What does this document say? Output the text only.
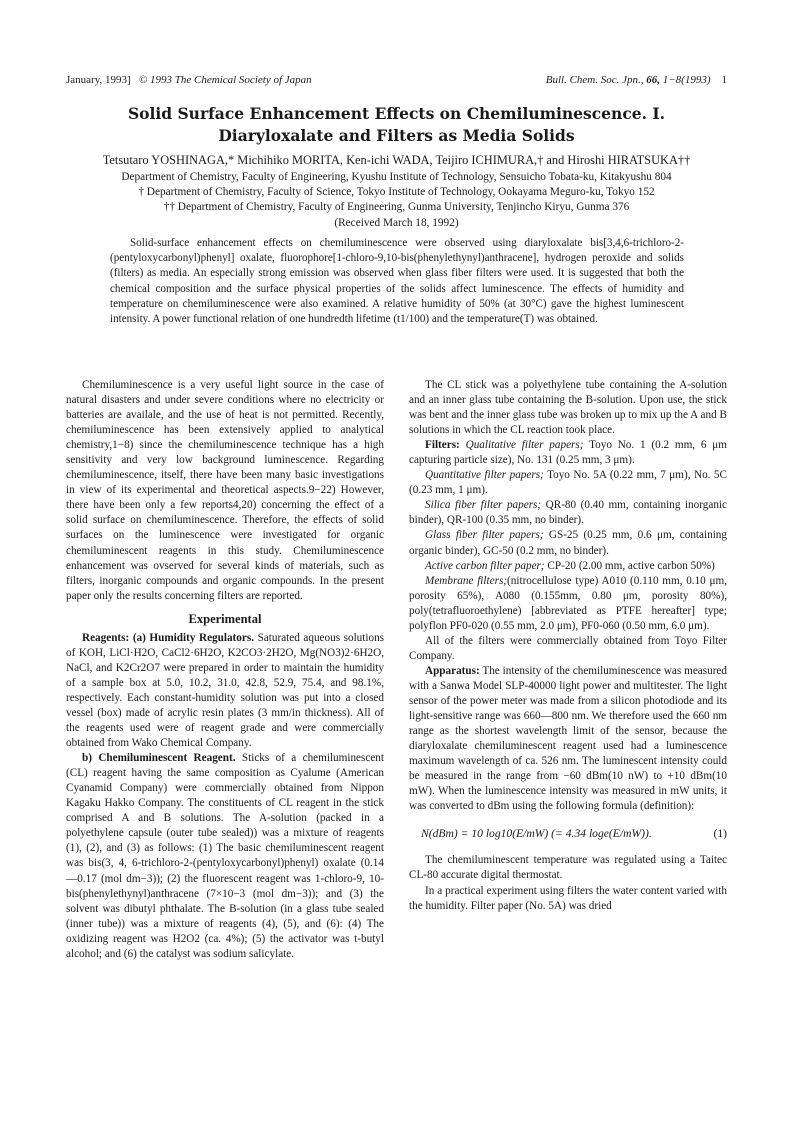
January, 1993] © 1993 The Chemical Society of Japan	Bull. Chem. Soc. Jpn., 66, 1−8(1993) 1
Solid Surface Enhancement Effects on Chemiluminescence. I.
Diaryloxalate and Filters as Media Solids
Tetsutaro YOSHINAGA,* Michihiko MORITA, Ken-ichi WADA, Teijiro ICHIMURA,† and Hiroshi HIRATSUKA††
Department of Chemistry, Faculty of Engineering, Kyushu Institute of Technology, Sensuicho Tobata-ku, Kitakyushu 804
† Department of Chemistry, Faculty of Science, Tokyo Institute of Technology, Ookayama Meguro-ku, Tokyo 152
†† Department of Chemistry, Faculty of Engineering, Gunma University, Tenjincho Kiryu, Gunma 376
(Received March 18, 1992)

Solid-surface enhancement effects on chemiluminescence were observed using diaryloxalate bis[3,4,6-trichloro-2-(pentyloxycarbonyl)phenyl] oxalate, fluorophore[1-chloro-9,10-bis(phenylethynyl)anthracene], hydrogen peroxide and solids (filters) as media. An especially strong emission was observed when glass fiber filters were used. It is suggested that both the chemical composition and the surface physical properties of the solids affect luminescence. The effects of humidity and temperature on chemiluminescence were also examined. A relative humidity of 50% (at 30°C) gave the highest luminescent intensity. A power functional relation of one hundredth lifetime (t1/100) and the temperature(T) was obtained.

Chemiluminescence is a very useful light source in the case of natural disasters and under severe conditions where no electricity or batteries are availale, and the use of heat is not permitted. Recently, chemiluminescence has been extensively applied to analytical chemistry,1−8) since the chemiluminescence technique has a high sensitivity and very low background luminescence. Regarding chemiluminescence, itself, there have been many basic investigations in view of its experimental and theoretical aspects.9−22) However, there have been only a few reports4,20) concerning the effect of a solid surface on chemiluminescence. Therefore, the effects of solid surfaces on the luminescence were investigated for organic chemiluminescent reagents in this study. Chemiluminescence enhancement was ovserved for several kinds of materials, such as filters, inorganic compounds and organic compounds. In the present paper only the results concerning filters are reported.

Experimental

Reagents: (a) Humidity Regulators. Saturated aqueous solutions of KOH, LiCl·H2O, CaCl2·6H2O, K2CO3·2H2O, Mg(NO3)2·6H2O, NaCl, and K2Cr2O7 were prepared in order to maintain the humidity of a sample box at 5.0, 10.2, 31.0, 42.8, 52.9, 75.4, and 98.1%, respectively. Each constant-humidity solution was put into a closed vessel (box) made of acrylic resin plates (3 mm/in thickness). All of the reagents used were of reagent grade and were commercially obtained from Wako Chemical Company.

b) Chemiluminescent Reagent. Sticks of a chemiluminescent (CL) reagent having the same composition as Cyalume (American Cyanamid Company) were commercially obtained from Nippon Kagaku Hakko Company. The constituents of CL reagent in the stick comprised A and B solutions. The A-solution (packed in a polyethylene capsule (outer tube sealed)) was a mixture of reagents (1), (2), and (3) as follows: (1) The basic chemiluminescent reagent was bis(3, 4, 6-trichloro-2-(pentyloxycarbonyl)phenyl) oxalate (0.14—0.17 (mol dm−3)); (2) the fluorescent reagent was 1-chloro-9, 10-bis(phenylethynyl)anthracene (7×10−3 (mol dm−3)); and (3) the solvent was dibutyl phthalate. The B-solution (in a glass tube sealed (inner tube)) was a mixture of reagents (4), (5), and (6): (4) The oxidizing reagent was H2O2 (ca. 4%); (5) the activator was t-butyl alcohol; and (6) the catalyst was sodium salicylate.

The CL stick was a polyethylene tube containing the A-solution and an inner glass tube containing the B-solution. Upon use, the stick was bent and the inner glass tube was broken up to mix up the A and B solutions in which the CL reaction took place.

Filters: Qualitative filter papers; Toyo No. 1 (0.2 mm, 6 μm capturing particle size), No. 131 (0.25 mm, 3 μm).

Quantitative filter papers; Toyo No. 5A (0.22 mm, 7 μm), No. 5C (0.23 mm, 1 μm).

Silica fiber filter papers; QR-80 (0.40 mm, containing inorganic binder), QR-100 (0.35 mm, no binder).

Glass fiber filter papers; GS-25 (0.25 mm, 0.6 μm, containing organic binder), GC-50 (0.2 mm, no binder).

Active carbon filter paper; CP-20 (2.00 mm, active carbon 50%)

Membrane filters;(nitrocellulose type) A010 (0.110 mm, 0.10 μm, porosity 65%), A080 (0.155mm, 0.80 μm, porosity 80%), poly(tetrafluoroethylene) [abbreviated as PTFE hereafter] type; polyflon PF0-020 (0.55 mm, 2.0 μm), PF0-060 (0.50 mm, 6.0 μm).

All of the filters were commercially obtained from Toyo Filter Company.

Apparatus: The intensity of the chemiluminescence was measured with a Sanwa Model SLP-40000 light power and multitester. The light sensor of the power meter was made from a silicon photodiode and its light-sensitive range was 660—800 nm. We therefore used the 660 nm range as the shortest wavelength limit of the sensor, because the diaryloxalate chemiluminescent reagent used had a luminescence maximum wavelength of ca. 526 nm. The luminescent intensity could be measured in the range from −60 dBm(10 nW) to +10 dBm(10 mW). When the luminescence intensity was measured in mW units, it was converted to dBm using the following formula (definition):

N(dBm) = 10 log10(E/mW) (= 4.34 loge(E/mW)).	(1)

The chemiluminescent temperature was regulated using a Taitec CL-80 accurate digital thermostat.

In a practical experiment using filters the water content varied with the humidity. Filter paper (No. 5A) was dried
